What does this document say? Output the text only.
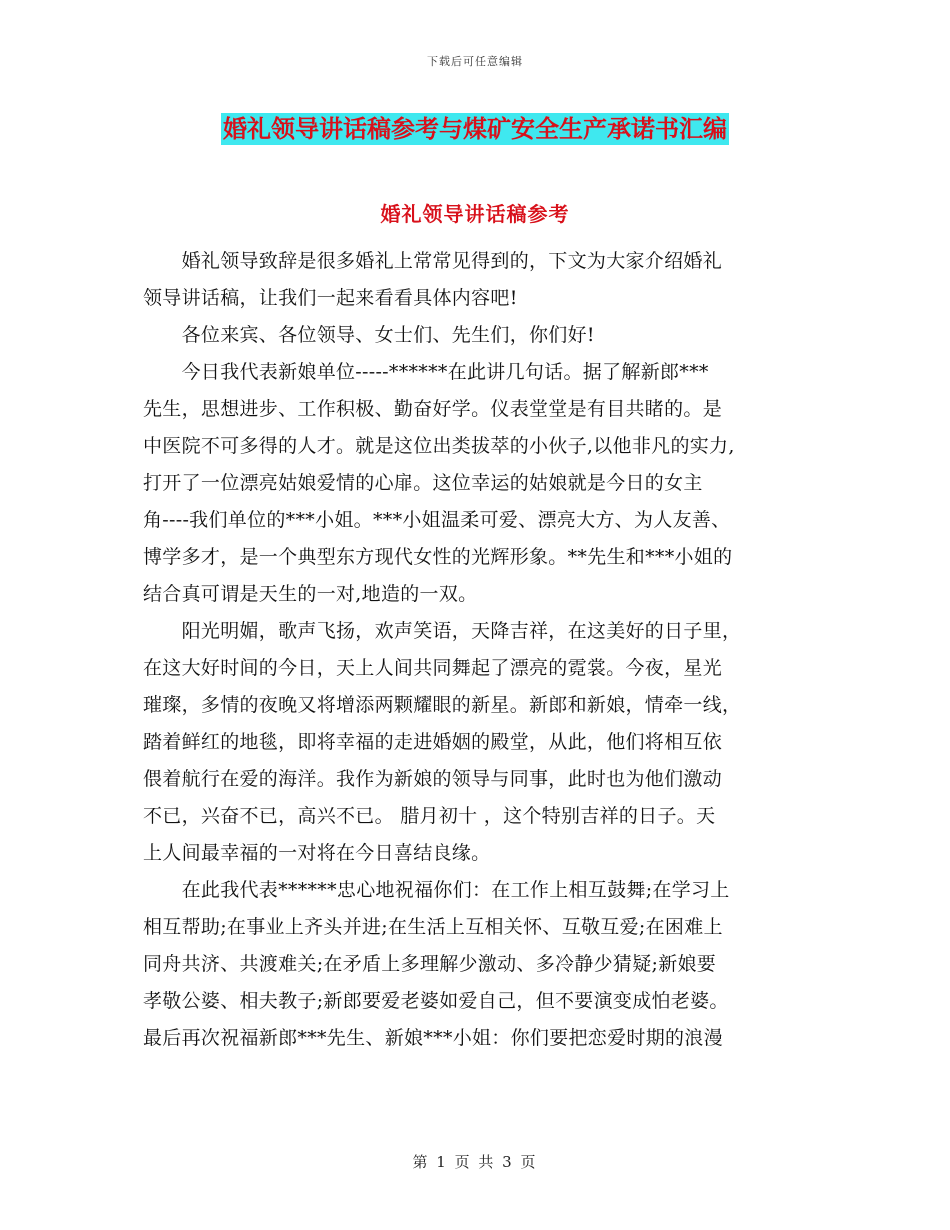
下载后可任意编辑
婚礼领导讲话稿参考与煤矿安全生产承诺书汇编
婚礼领导讲话稿参考
　　婚礼领导致辞是很多婚礼上常常见得到的，下文为大家介绍婚礼
领导讲话稿，让我们一起来看看具体内容吧!
　　各位来宾、各位领导、女士们、先生们，你们好!
　　今日我代表新娘单位-----******在此讲几句话。据了解新郎***
先生，思想进步、工作积极、勤奋好学。仪表堂堂是有目共睹的。是
中医院不可多得的人才。就是这位出类拔萃的小伙子,以他非凡的实力,
打开了一位漂亮姑娘爱情的心扉。这位幸运的姑娘就是今日的女主
角----我们单位的***小姐。***小姐温柔可爱、漂亮大方、为人友善、
博学多才，是一个典型东方现代女性的光辉形象。**先生和***小姐的
结合真可谓是天生的一对,地造的一双。
　　阳光明媚，歌声飞扬，欢声笑语，天降吉祥，在这美好的日子里，
在这大好时间的今日，天上人间共同舞起了漂亮的霓裳。今夜，星光
璀璨，多情的夜晚又将增添两颗耀眼的新星。新郎和新娘，情牵一线，
踏着鲜红的地毯，即将幸福的走进婚姻的殿堂，从此，他们将相互依
偎着航行在爱的海洋。我作为新娘的领导与同事，此时也为他们激动
不已，兴奋不已，高兴不已。 腊月初十 ，这个特别吉祥的日子。天
上人间最幸福的一对将在今日喜结良缘。
　　在此我代表******忠心地祝福你们：在工作上相互鼓舞;在学习上
相互帮助;在事业上齐头并进;在生活上互相关怀、互敬互爱;在困难上
同舟共济、共渡难关;在矛盾上多理解少激动、多冷静少猜疑;新娘要
孝敬公婆、相夫教子;新郎要爱老婆如爱自己，但不要演变成怕老婆。
最后再次祝福新郎***先生、新娘***小姐：你们要把恋爱时期的浪漫
第 1 页 共 3 页
